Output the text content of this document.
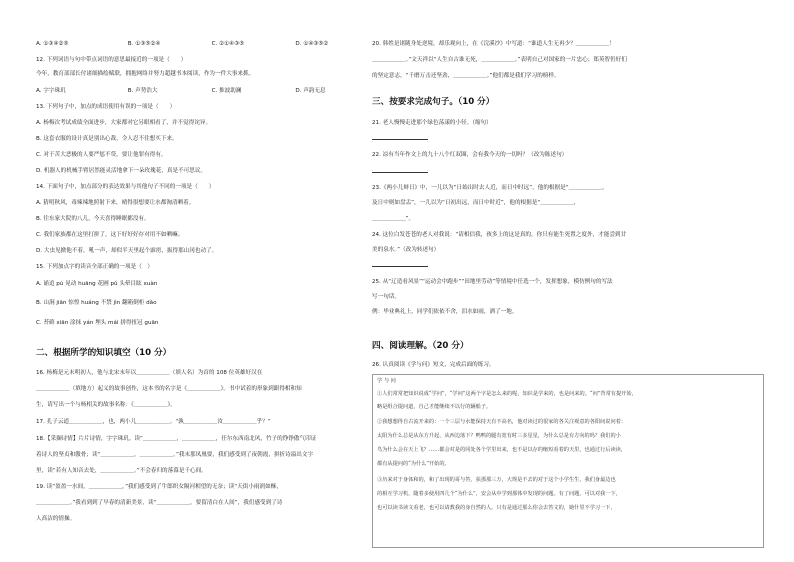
A. ①③④②⑤	B. ①③⑤②④	C. ②①④③⑤	D. ①④③⑤②
12. 下列词语与句中带点词语的意思最接近的一项是（　　）
今年，教育部部长付诸细描绘赋联，拥抱网络并努力超越书本阅读，作为一件大事来抓。
A. 字字珠玑	B. 声势浩大	C. 推波助澜	D. 声韵无息
13. 下列句子中，加点的成语使用有误的一项是（　　）
A. 杨梅次考试成绩全面进步，大家都对它另眼相看了，并不觉得诧异。
B. 这套衣服的设计真是别出心裁，令人忍不住想买下来。
C. 对于苦大恶极的人要严惩不贷，要让他罪有得有。
D. 机器人的机械手臂居然能灵活地拿下一朵玫瑰花，真是不可思议。
14. 下面句子中，加点部分的表达效果与其他句子不同的一项是（　　）
A. 猜明秋风，毒辣辣地照射下来，晴得很想要让水都淘清晒着。
B. 往东家大院的八儿，今天喜得睡眠都没有。
C. 我们家族都在这里打拼了，这下好好好存对用不如晒嘛。
D. 大虫见掀他不着，吼一声，却似半天里起个霹雳，振得那山冈也动了。
15. 下列加点字的读音全部正确的一项是（　）
A. 诵追 pú 晃动 huāng 花圃 pǔ 头晕目眩 xuàn
B. 山涧 jiān 惊惶 huáng 不禁 jìn 翻箱倒柜 dǎo
C. 苔藓 xiān 涂抹 yán 埋头 mái 拼得扭冠 guān
二、根据所学的知识填空（10 分）
16. 杨梅是元末明初人，他与北宋末年以＿＿＿＿＿＿（填人名）为首的 108 位英雄好汉在
＿＿＿＿＿＿（填地方）起义的故事创作，这本书的名字是《＿＿＿＿＿＿》。书中试着的形象到跟得相和知
生，请写出一个与杨相关的故事名称：《＿＿＿＿＿＿》。
17. 孔子云道＿＿＿＿＿＿，也，两小儿＿＿＿＿＿＿。“孰＿＿＿＿＿＿汝＿＿＿＿＿＿乎？”
18.【采撷诗情】片片诗情，字字珠玑。读“＿＿＿＿＿＿，＿＿＿＿＿＿，任尔东西南北风，竹子的铮铮傲气印证
着诗人的坚贞和傲骨；读“＿＿＿＿＿＿，＿＿＿＿＿＿。”我末那凤凰要，我们感受到了夜朝霞，拼折诗溢出文字
里，读“若有人知音去处，＿＿＿＿＿＿。”不会春归的落幕是千心间。
19. 读“盈盈一水间，＿＿＿＿＿＿。”我们感受到了牛郎织女隔河相望的无奈；读“天街小雨润如酥，
＿＿＿＿＿＿。”我看到到了早春的清新美景，读“＿＿＿＿＿＿，要留清白在人间”，我们感受到了诗
人高洁的情操。
20. 韩姓是诸随身处逆境，却乐观向上，在《浣溪沙》中写道：“谁道人生无再少？＿＿＿＿＿＿！
＿＿＿＿＿＿。”文天祥以“人生自古谁无死，＿＿＿＿＿＿。”表明自己对国家的一片忠心；郑英智仍好们
的坚定意志，“千磨万击还坚劲，＿＿＿＿＿＿。”他们都是我们学习的榜样。
三、按要求完成句子。（10 分）
21. 老人慢慢走进那个绿色荡漾的小径。（缩句）
22. 凉有当年作文上的九十八个红双圈，会有我今天的一切吗？（改为陈述句）
23.《两小儿辩日》中，一儿以为“日始出时去人近，而日中时远”，他的根据是“＿＿＿＿＿＿，
及日中则如盘盂”，一儿以为“日初出远，而日中时近”，他的根据是“＿＿＿＿＿＿，
＿＿＿＿＿＿”。
24. 这位白发苍苍的老人对我说：“请相信我，孩多上的这是真的，你只有能生死置之度外，才能尝到甘
美的泉水。”（改为转述句）
25. 从“辽造看风景”“运动会中跑步”“田地里劳动”等情境中任选一个，发挥想象，模仿例句的写法
写一句话。
例：毕业典礼上，同学们依依不舍，泪水如雨，洒了一地。
四、阅读理解。（20 分）
26. 认真阅读《学与问》短文，完成后面的练习。
学 与 问
①人们常常把知识说成“学问”，“学问”这两个字是怎么来的呢，知识是学来的，也是问来的。“问”背常有提开始，
略是组合提问道，自己才能继续不以行的辆船子。
②我想想得自古流开来的：一个三层与水能保持天有不高名，他对读过的很家的各关注观意的各阳间说问着：
太阳为什么总是从东方升起，从西边落下？鸭鸭的腿有宽有时三多星星，为什么总是有方向的吗？我们的小
鸟为什么会在天上飞？……都会对是的同处各个学里出来，也不是以存的缩短看着的天里，也通过行后读读，
都有从提问的“为什么”开始的。
③历来对于身体和的，和了出现的哥与答，获那那三万，大规是不去的对于这个小学生生，我们身最边也
的相互学习机，随着多使用四几个“为什么”，安会从中学到那体中发现的问题。有了问题，可以对我一下，
也可以读书读文看老，也可以请教我的身自然的人。只有是通过那么你会去答文的，她什里不学习一下，
